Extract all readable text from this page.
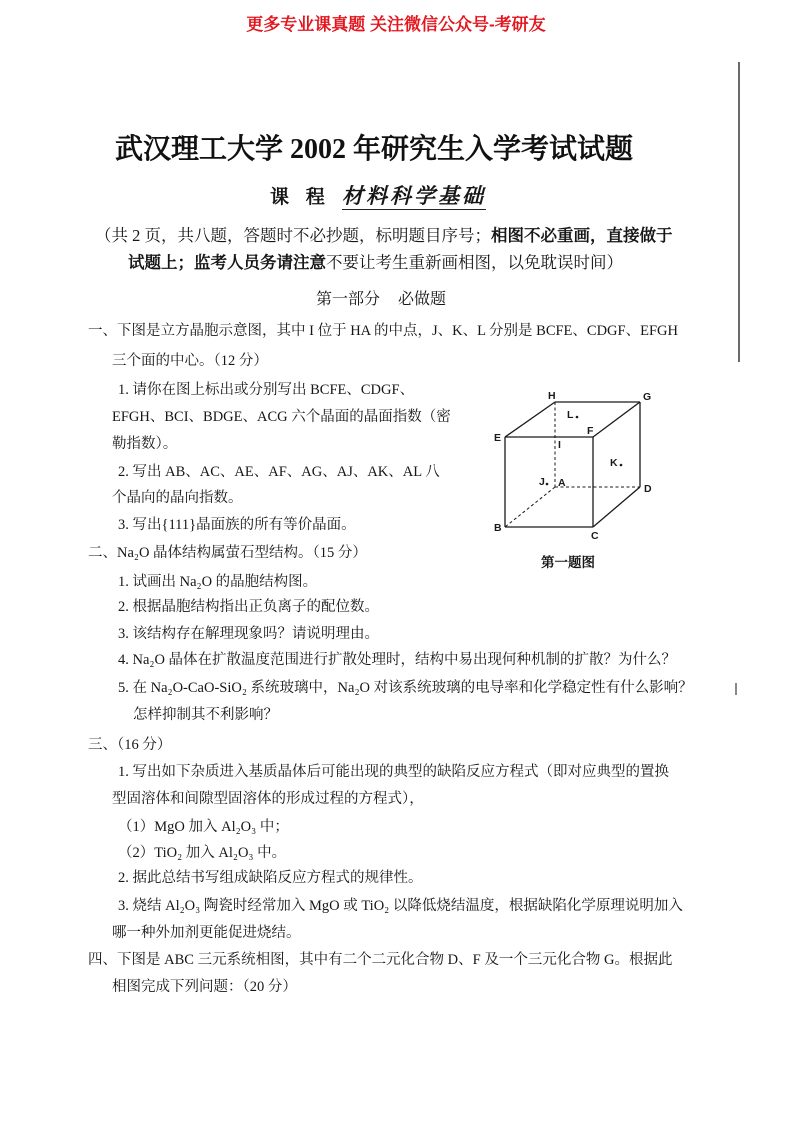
更多专业课真题 关注微信公众号-考研友
武汉理工大学 2002 年研究生入学考试试题
课 程 材料科学基础
（共 2 页，共八题，答题时不必抄题，标明题目序号；相图不必重画，直接做于
试题上；监考人员务请注意不要让考生重新画相图，以免耽误时间）
第一部分 必做题
一、下图是立方晶胞示意图，其中 I 位于 HA 的中点，J、K、L 分别是 BCFE、CDGF、EFGH
三个面的中心。（12 分）
1. 请你在图上标出或分别写出 BCFE、CDGF、
EFGH、BCI、BDGE、ACG 六个晶面的晶面指数（密
勒指数）。
2. 写出 AB、AC、AE、AF、AG、AJ、AK、AL 八
个晶向的晶向指数。
3. 写出{111}晶面族的所有等价晶面。
H	G
E
F
L
I
K
J A	D
B
C
第一题图
二、Na₂O 晶体结构属萤石型结构。（15 分）
1. 试画出 Na₂O 的晶胞结构图。
2. 根据晶胞结构指出正负离子的配位数。
3. 该结构存在解理现象吗？请说明理由。
4. Na₂O 晶体在扩散温度范围进行扩散处理时，结构中易出现何种机制的扩散？为什么？
5. 在 Na₂O-CaO-SiO₂ 系统玻璃中，Na₂O 对该系统玻璃的电导率和化学稳定性有什么影响？
怎样抑制其不利影响？
三、（16 分）
1. 写出如下杂质进入基质晶体后可能出现的典型的缺陷反应方程式（即对应典型的置换
型固溶体和间隙型固溶体的形成过程的方程式），
（1）MgO 加入 Al₂O₃ 中；
（2）TiO₂ 加入 Al₂O₃ 中。
2. 据此总结书写组成缺陷反应方程式的规律性。
3. 烧结 Al₂O₃ 陶瓷时经常加入 MgO 或 TiO₂ 以降低烧结温度，根据缺陷化学原理说明加入
哪一种外加剂更能促进烧结。
四、下图是 ABC 三元系统相图，其中有二个二元化合物 D、F 及一个三元化合物 G。根据此
相图完成下列问题：（20 分）
